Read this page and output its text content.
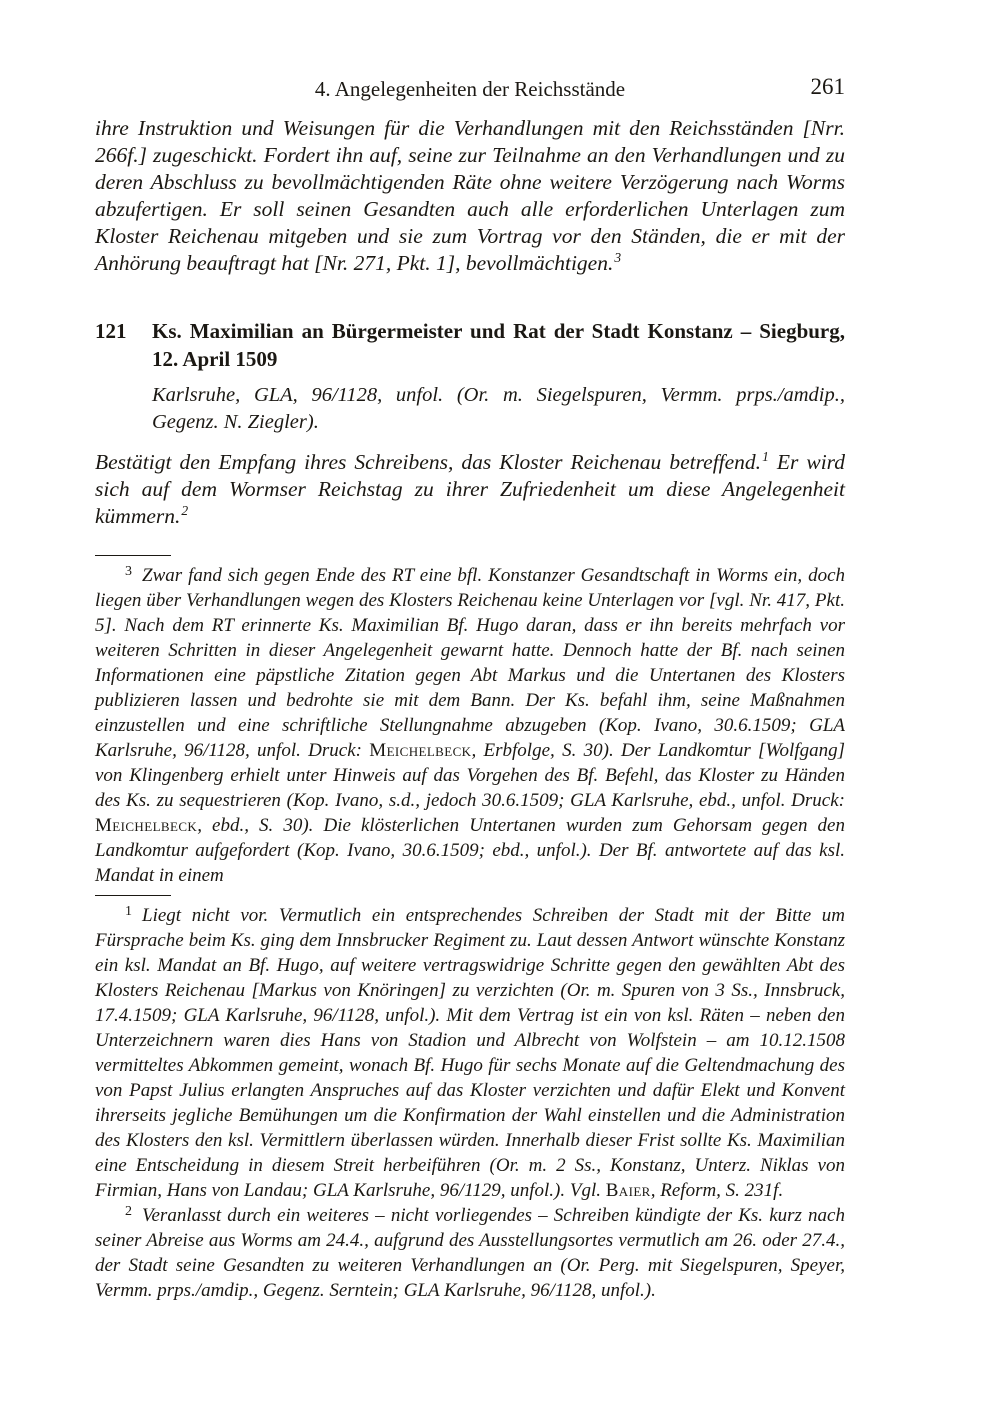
4. Angelegenheiten der Reichsstände	261

ihre Instruktion und Weisungen für die Verhandlungen mit den Reichsständen [Nrr. 266f.] zugeschickt. Fordert ihn auf, seine zur Teilnahme an den Verhandlungen und zu deren Abschluss zu bevollmächtigenden Räte ohne weitere Verzögerung nach Worms abzufertigen. Er soll seinen Gesandten auch alle erforderlichen Unterlagen zum Kloster Reichenau mitgeben und sie zum Vortrag vor den Ständen, die er mit der Anhörung beauftragt hat [Nr. 271, Pkt. 1], bevollmächtigen.$^3$

121	Ks. Maximilian an Bürgermeister und Rat der Stadt Konstanz – Siegburg, 12. April 1509

Karlsruhe, GLA, 96/1128, unfol. (Or. m. Siegelspuren, Vermm. prps./amdip., Gegenz. N. Ziegler).

Bestätigt den Empfang ihres Schreibens, das Kloster Reichenau betreffend.$^1$ Er wird sich auf dem Wormser Reichstag zu ihrer Zufriedenheit um diese Angelegenheit kümmern.$^2$

$^3$ Zwar fand sich gegen Ende des RT eine bfl. Konstanzer Gesandtschaft in Worms ein, doch liegen über Verhandlungen wegen des Klosters Reichenau keine Unterlagen vor [vgl. Nr. 417, Pkt. 5]. Nach dem RT erinnerte Ks. Maximilian Bf. Hugo daran, dass er ihn bereits mehrfach vor weiteren Schritten in dieser Angelegenheit gewarnt hatte. Dennoch hatte der Bf. nach seinen Informationen eine päpstliche Zitation gegen Abt Markus und die Untertanen des Klosters publizieren lassen und bedrohte sie mit dem Bann. Der Ks. befahl ihm, seine Maßnahmen einzustellen und eine schriftliche Stellungnahme abzugeben (Kop. Ivano, 30.6.1509; GLA Karlsruhe, 96/1128, unfol. Druck: Meichelbeck, Erbfolge, S. 30). Der Landkomtur [Wolfgang] von Klingenberg erhielt unter Hinweis auf das Vorgehen des Bf. Befehl, das Kloster zu Händen des Ks. zu sequestrieren (Kop. Ivano, s.d., jedoch 30.6.1509; GLA Karlsruhe, ebd., unfol. Druck: Meichelbeck, ebd., S. 30). Die klösterlichen Untertanen wurden zum Gehorsam gegen den Landkomtur aufgefordert (Kop. Ivano, 30.6.1509; ebd., unfol.). Der Bf. antwortete auf das ksl. Mandat in einem

$^1$ Liegt nicht vor. Vermutlich ein entsprechendes Schreiben der Stadt mit der Bitte um Fürsprache beim Ks. ging dem Innsbrucker Regiment zu. Laut dessen Antwort wünschte Konstanz ein ksl. Mandat an Bf. Hugo, auf weitere vertragswidrige Schritte gegen den gewählten Abt des Klosters Reichenau [Markus von Knöringen] zu verzichten (Or. m. Spuren von 3 Ss., Innsbruck, 17.4.1509; GLA Karlsruhe, 96/1128, unfol.). Mit dem Vertrag ist ein von ksl. Räten – neben den Unterzeichnern waren dies Hans von Stadion und Albrecht von Wolfstein – am 10.12.1508 vermitteltes Abkommen gemeint, wonach Bf. Hugo für sechs Monate auf die Geltendmachung des von Papst Julius erlangten Anspruches auf das Kloster verzichten und dafür Elekt und Konvent ihrerseits jegliche Bemühungen um die Konfirmation der Wahl einstellen und die Administration des Klosters den ksl. Vermittlern überlassen würden. Innerhalb dieser Frist sollte Ks. Maximilian eine Entscheidung in diesem Streit herbeiführen (Or. m. 2 Ss., Konstanz, Unterz. Niklas von Firmian, Hans von Landau; GLA Karlsruhe, 96/1129, unfol.). Vgl. Baier, Reform, S. 231f.

$^2$ Veranlasst durch ein weiteres – nicht vorliegendes – Schreiben kündigte der Ks. kurz nach seiner Abreise aus Worms am 24.4., aufgrund des Ausstellungsortes vermutlich am 26. oder 27.4., der Stadt seine Gesandten zu weiteren Verhandlungen an (Or. Perg. mit Siegelspuren, Speyer, Vermm. prps./amdip., Gegenz. Serntein; GLA Karlsruhe, 96/1128, unfol.).
